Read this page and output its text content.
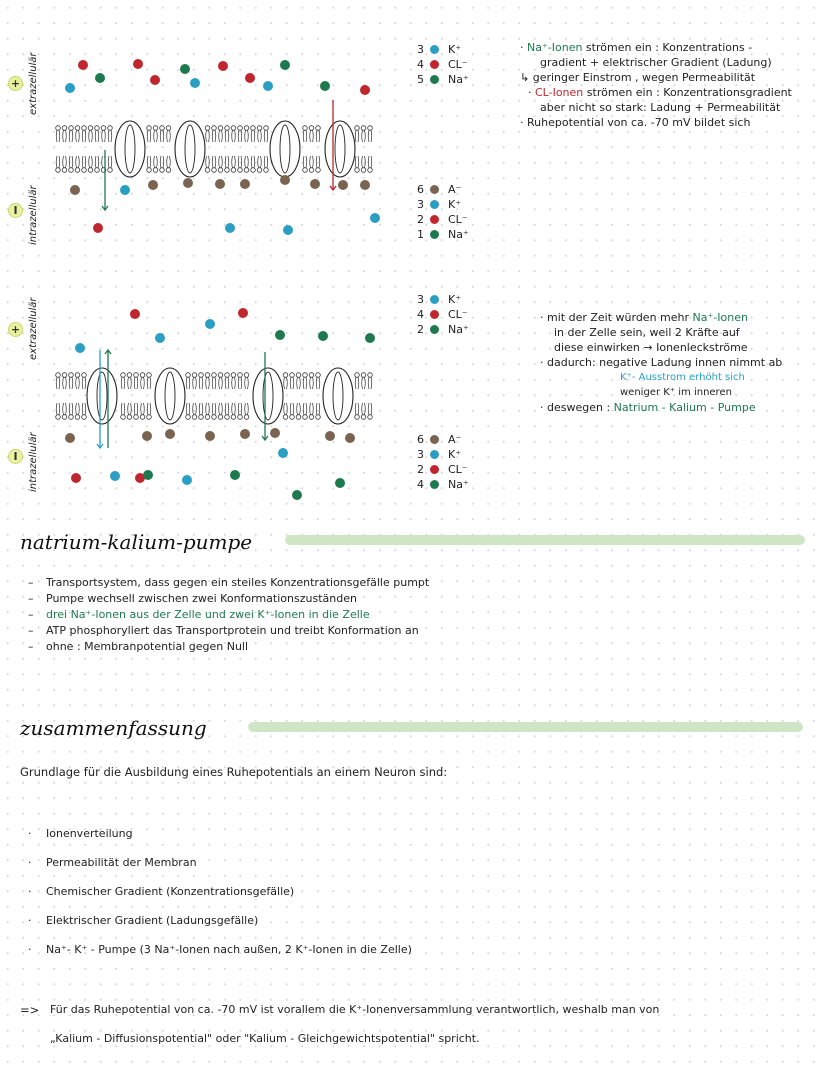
+ extrazellulär
I	intrazellulär
3 K⁺
4 CL⁻
5 Na⁺
6 A⁻
3 K⁺
2 CL⁻
1 Na⁺
· Na⁺-Ionen strömen ein : Konzentrations -
gradient + elektrischer Gradient (Ladung)
↳ geringer Einstrom , wegen Permeabilität
· CL-Ionen strömen ein : Konzentrationsgradient
aber nicht so stark: Ladung + Permeabilität
· Ruhepotential von ca. -70 mV bildet sich
+ extrazellulär
I	intrazellulär
3 K⁺
4 CL⁻
2 Na⁺
6 A⁻
3 K⁺
2 CL⁻
4 Na⁺
· mit der Zeit würden mehr Na⁺-Ionen
in der Zelle sein, weil 2 Kräfte auf
diese einwirken → Ionenleckströme
· dadurch: negative Ladung innen nimmt ab
K⁺- Ausstrom erhöht sich
weniger K⁺ im inneren
· deswegen : Natrium - Kalium - Pumpe
natrium-kalium-pumpe
– Transportsystem, dass gegen ein steiles Konzentrationsgefälle pumpt
– Pumpe wechsell zwischen zwei Konformationszuständen
– drei Na⁺-Ionen aus der Zelle und zwei K⁺-Ionen in die Zelle
– ATP phosphoryliert das Transportprotein und treibt Konformation an
– ohne : Membranpotential gegen Null
zusammenfassung
Grundlage für die Ausbildung eines Ruhepotentials an einem Neuron sind:
· Ionenverteilung
· Permeabilität der Membran
· Chemischer Gradient (Konzentrationsgefälle)
· Elektrischer Gradient (Ladungsgefälle)
· Na⁺- K⁺ - Pumpe (3 Na⁺-Ionen nach außen, 2 K⁺-Ionen in die Zelle)
=> Für das Ruhepotential von ca. -70 mV ist vorallem die K⁺-Ionenversammlung verantwortlich, weshalb man von
„Kalium - Diffusionspotential" oder "Kalium - Gleichgewichtspotential" spricht.
